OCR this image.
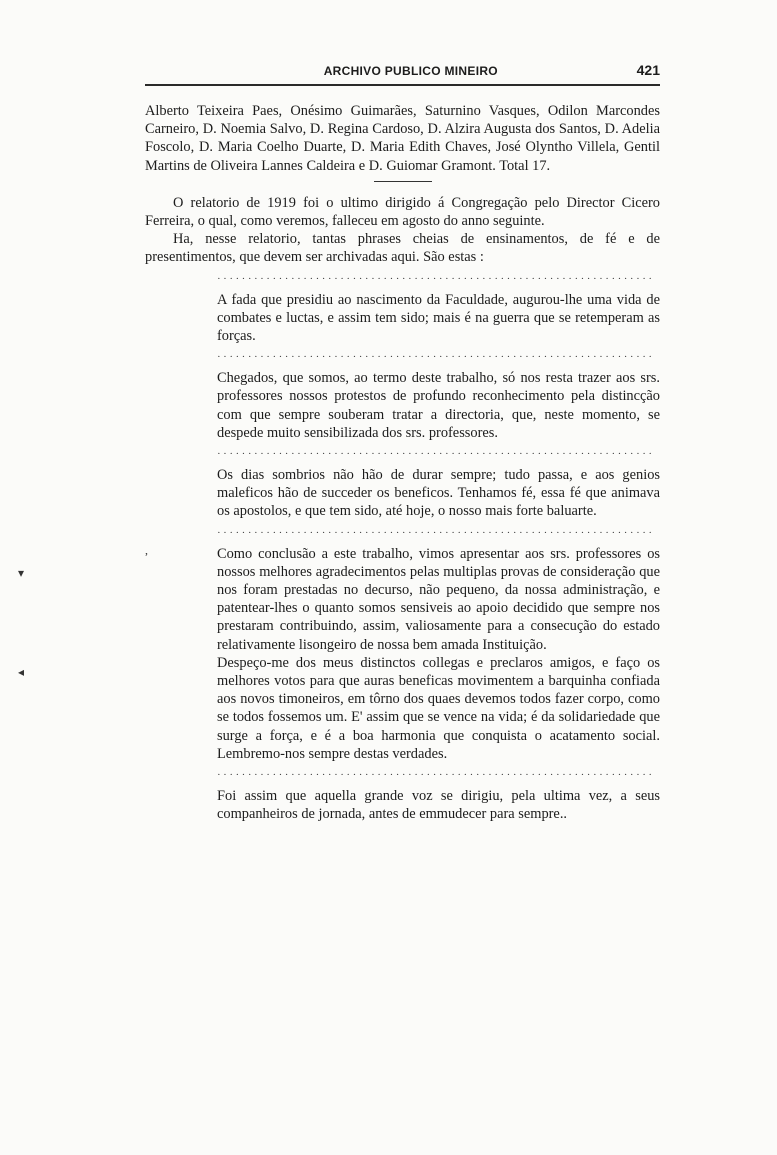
,
▾
◂
ARCHIVO PUBLICO MINEIRO	421

Alberto Teixeira Paes, Onésimo Guimarães, Saturnino Vasques, Odilon Marcondes Carneiro, D. Noemia Salvo, D. Regina Cardoso, D. Alzira Augusta dos Santos, D. Adelia Foscolo, D. Maria Coelho Duarte, D. Maria Edith Chaves, José Olyntho Villela, Gentil Martins de Oliveira Lannes Caldeira e D. Guiomar Gramont. Total 17.

O relatorio de 1919 foi o ultimo dirigido á Congregação pelo Director Cicero Ferreira, o qual, como veremos, falleceu em agosto do anno seguinte.

Ha, nesse relatorio, tantas phrases cheias de ensinamentos, de fé e de presentimentos, que devem ser archivadas aqui. São estas :

·······································································

A fada que presidiu ao nascimento da Faculdade, augurou-lhe uma vida de combates e luctas, e assim tem sido; mais é na guerra que se retemperam as forças.

·······································································

Chegados, que somos, ao termo deste trabalho, só nos resta trazer aos srs. professores nossos protestos de profundo reconhecimento pela distincção com que sempre souberam tratar a directoria, que, neste momento, se despede muito sensibilizada dos srs. professores.

·······································································

Os dias sombrios não hão de durar sempre; tudo passa, e aos genios maleficos hão de succeder os beneficos. Tenhamos fé, essa fé que animava os apostolos, e que tem sido, até hoje, o nosso mais forte baluarte.

·······································································

Como conclusão a este trabalho, vimos apresentar aos srs. professores os nossos melhores agradecimentos pelas multiplas provas de consideração que nos foram prestadas no decurso, não pequeno, da nossa administração, e patentear-lhes o quanto somos sensiveis ao apoio decidido que sempre nos prestaram contribuindo, assim, valiosamente para a consecução do estado relativamente lisongeiro de nossa bem amada Instituição.

Despeço-me dos meus distinctos collegas e preclaros amigos, e faço os melhores votos para que auras beneficas movimentem a barquinha confiada aos novos timoneiros, em tôrno dos quaes devemos todos fazer corpo, como se todos fossemos um. E' assim que se vence na vida; é da solidariedade que surge a força, e é a boa harmonia que conquista o acatamento social. Lembremo-nos sempre destas verdades.

·······································································

Foi assim que aquella grande voz se dirigiu, pela ultima vez, a seus companheiros de jornada, antes de emmudecer para sempre..
